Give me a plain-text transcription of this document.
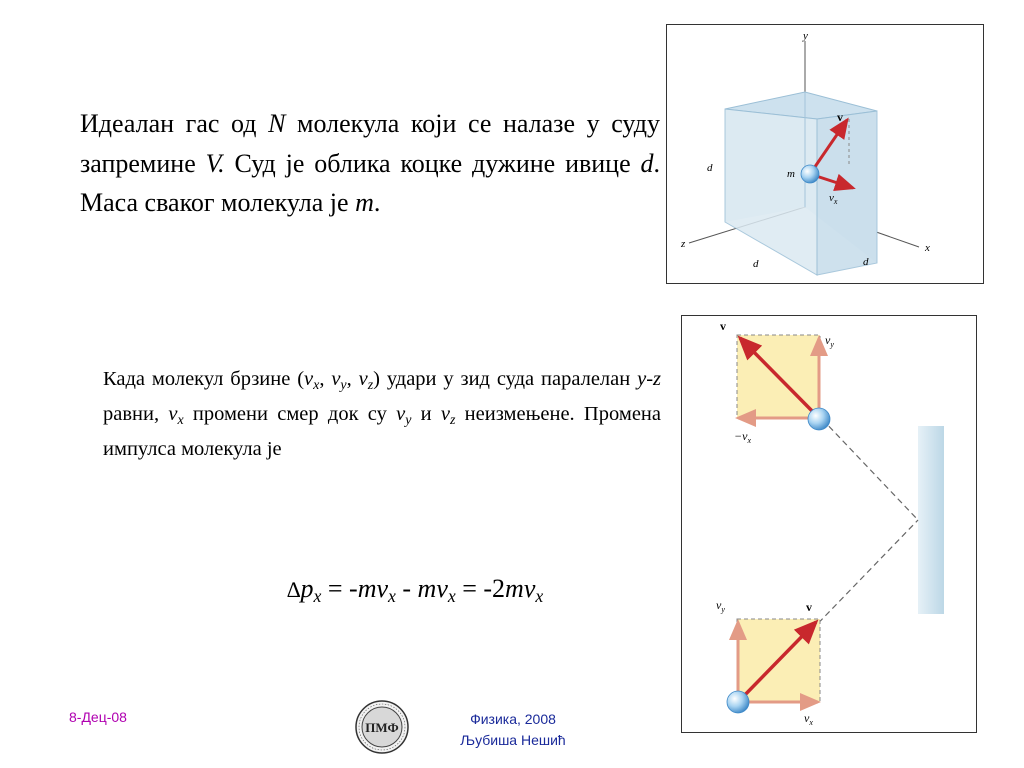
Идеалан гас од N молекула који се налазе у суду запремине V. Суд је облика коцке дужине ивице d. Маса сваког молекула је m.
Када молекул брзине ($v_x$, $v_y$, $v_z$) удари у зид суда паралелан y-z равни, $v_x$ промени смер док су $v_y$ и $v_z$ неизмењене. Промена импулса молекула је
$\Delta p_x = -mv_x - mv_x = -2mv_x$
y
x
z
d
d	d
m
v
$v_x$
v
$v_y$
$-v_x$
v
$v_y$
$v_x$
8-Дец-08
ПМФ
Физика, 2008
Љубиша Нешић
